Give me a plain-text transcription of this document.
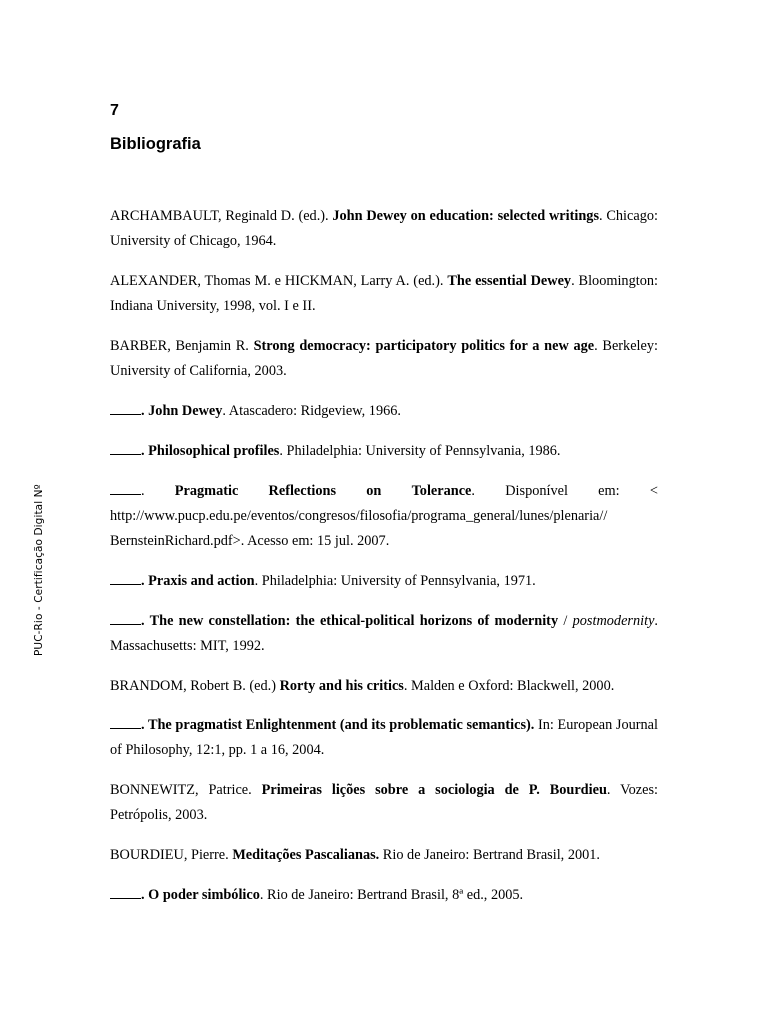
7
Bibliografia
PUC-Rio - Certificação Digital Nº

ARCHAMBAULT, Reginald D. (ed.). John Dewey on education: selected writings. Chicago: University of Chicago, 1964.

ALEXANDER, Thomas M. e HICKMAN, Larry A. (ed.). The essential Dewey. Bloomington: Indiana University, 1998, vol. I e II.

BARBER, Benjamin R. Strong democracy: participatory politics for a new age. Berkeley: University of California, 2003.

. John Dewey. Atascadero: Ridgeview, 1966.

. Philosophical profiles. Philadelphia: University of Pennsylvania, 1986.

. Pragmatic Reflections on Tolerance. Disponível em: <
http://www.pucp.edu.pe/eventos/congresos/filosofia/programa_general/lunes/plenaria//
BernsteinRichard.pdf>. Acesso em: 15 jul. 2007.

. Praxis and action. Philadelphia: University of Pennsylvania, 1971.

. The new constellation: the ethical-political horizons of modernity / postmodernity. Massachusetts: MIT, 1992.

BRANDOM, Robert B. (ed.) Rorty and his critics. Malden e Oxford: Blackwell, 2000.

. The pragmatist Enlightenment (and its problematic semantics). In: European Journal of Philosophy, 12:1, pp. 1 a 16, 2004.

BONNEWITZ, Patrice. Primeiras lições sobre a sociologia de P. Bourdieu. Vozes: Petrópolis, 2003.

BOURDIEU, Pierre. Meditações Pascalianas. Rio de Janeiro: Bertrand Brasil, 2001.

. O poder simbólico. Rio de Janeiro: Bertrand Brasil, 8ª ed., 2005.
